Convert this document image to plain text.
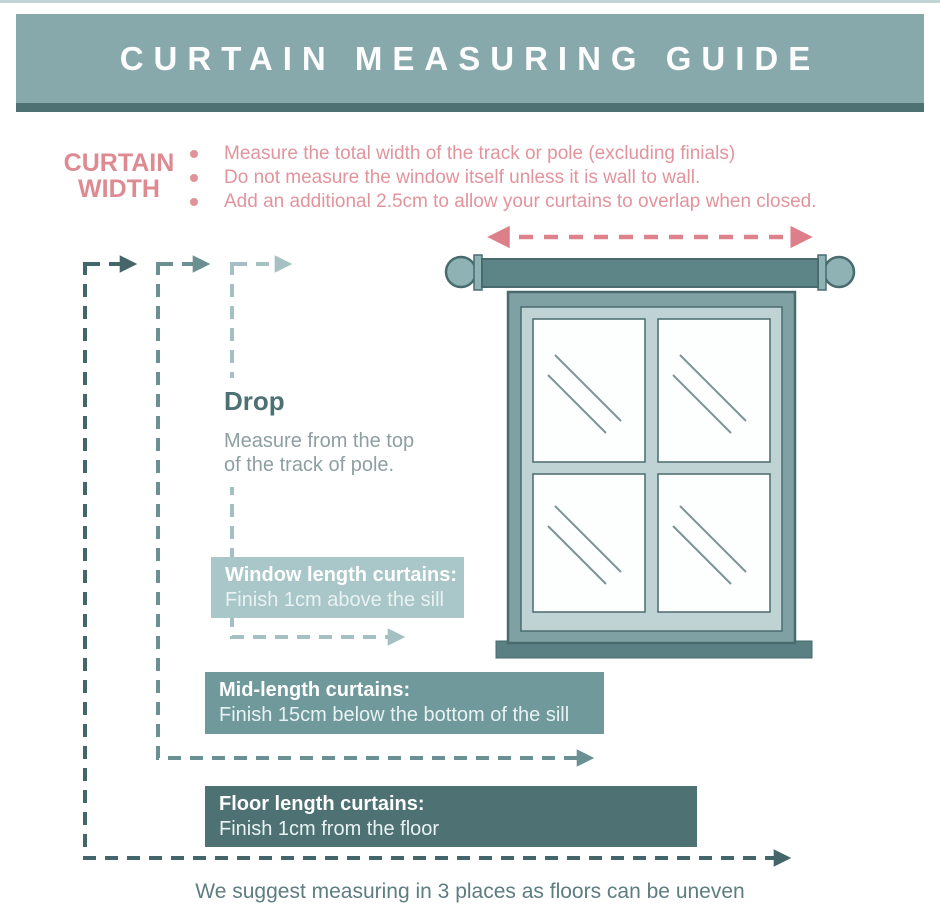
CURTAIN MEASURING GUIDE
CURTAIN WIDTH
Measure the total width of the track or pole (excluding finials)
Do not measure the window itself unless it is wall to wall.
Add an additional 2.5cm to allow your curtains to overlap when closed.
Drop
Measure from the top
of the track of pole.
Window length curtains:
Finish 1cm above the sill
Mid-length curtains:
Finish 15cm below the bottom of the sill
Floor length curtains:
Finish 1cm from the floor
We suggest measuring in 3 places as floors can be uneven
